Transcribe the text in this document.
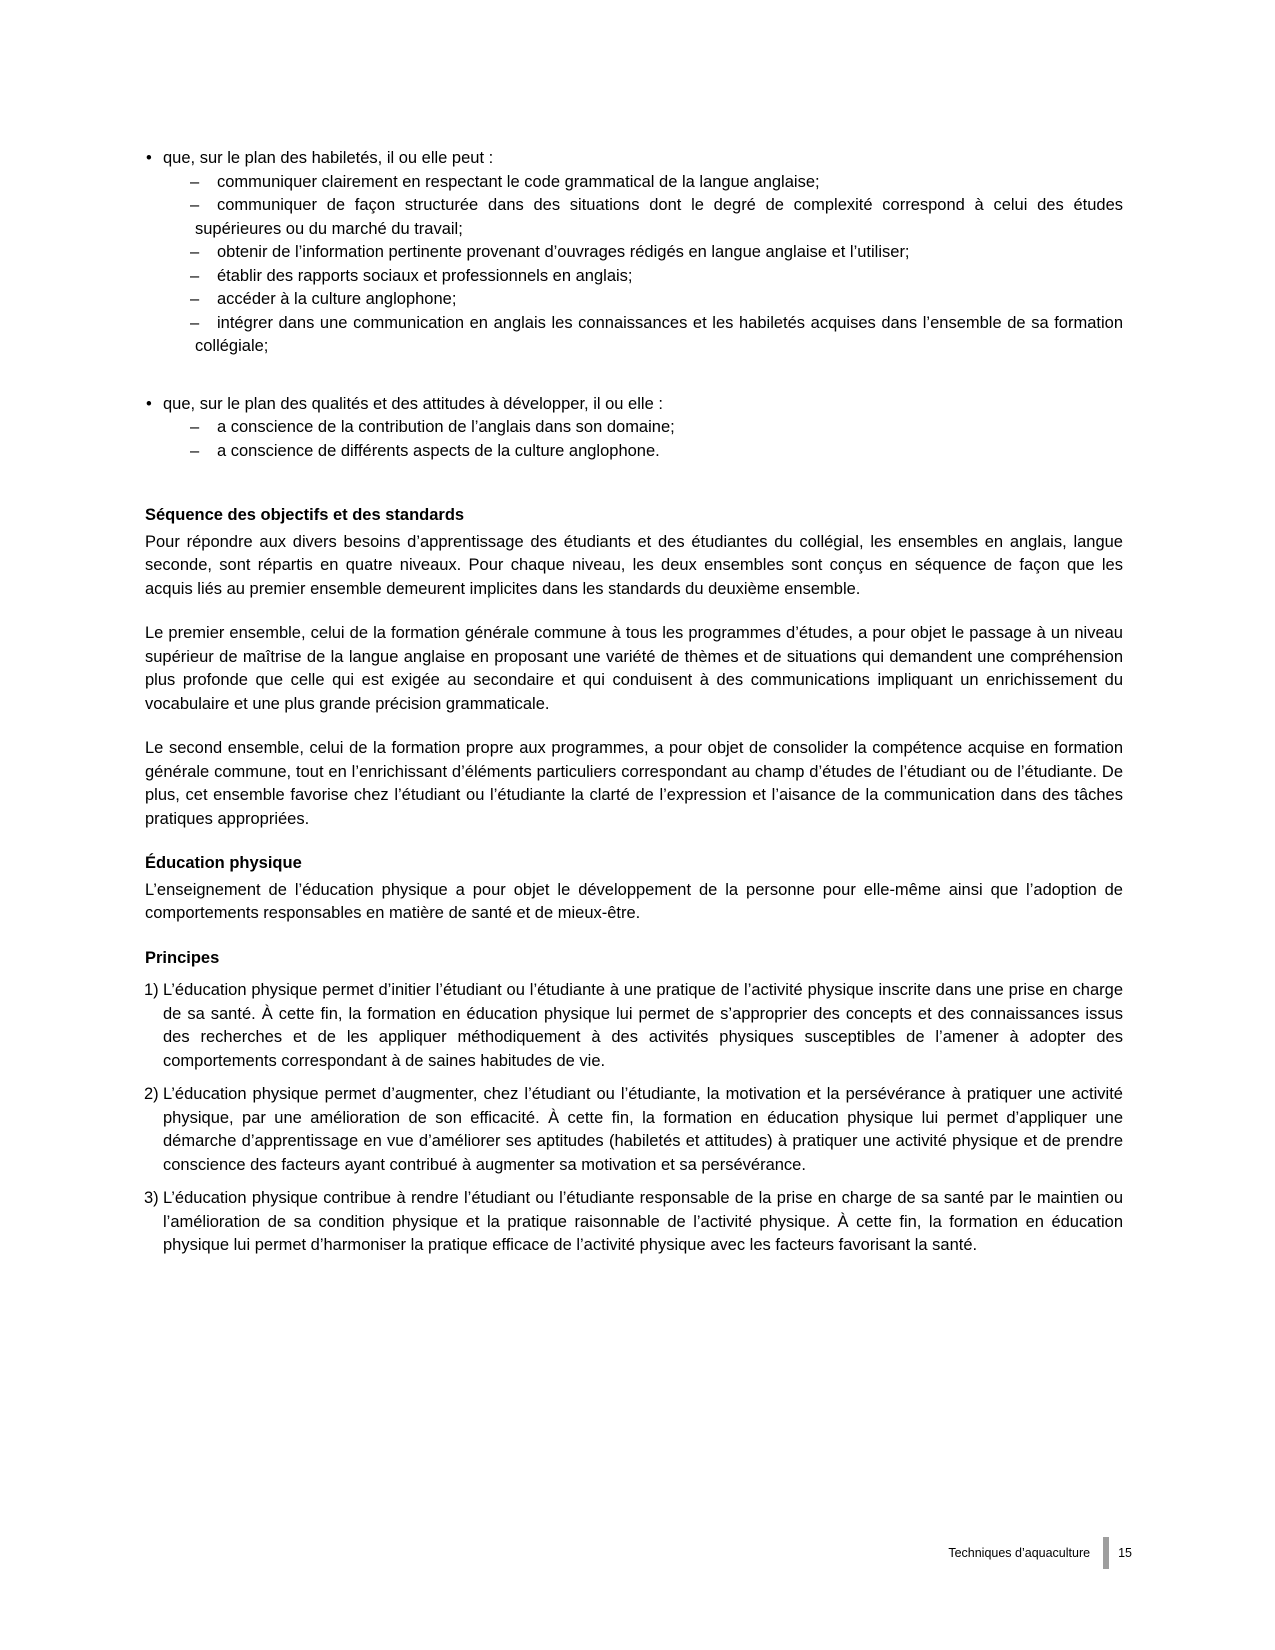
• que, sur le plan des habiletés, il ou elle peut :
– communiquer clairement en respectant le code grammatical de la langue anglaise;
– communiquer de façon structurée dans des situations dont le degré de complexité correspond à celui des études supérieures ou du marché du travail;
– obtenir de l’information pertinente provenant d’ouvrages rédigés en langue anglaise et l’utiliser;
– établir des rapports sociaux et professionnels en anglais;
– accéder à la culture anglophone;
– intégrer dans une communication en anglais les connaissances et les habiletés acquises dans l’ensemble de sa formation collégiale;
• que, sur le plan des qualités et des attitudes à développer, il ou elle :
– a conscience de la contribution de l’anglais dans son domaine;
– a conscience de différents aspects de la culture anglophone.
Séquence des objectifs et des standards

Pour répondre aux divers besoins d’apprentissage des étudiants et des étudiantes du collégial, les ensembles en anglais, langue seconde, sont répartis en quatre niveaux. Pour chaque niveau, les deux ensembles sont conçus en séquence de façon que les acquis liés au premier ensemble demeurent implicites dans les standards du deuxième ensemble.

Le premier ensemble, celui de la formation générale commune à tous les programmes d’études, a pour objet le passage à un niveau supérieur de maîtrise de la langue anglaise en proposant une variété de thèmes et de situations qui demandent une compréhension plus profonde que celle qui est exigée au secondaire et qui conduisent à des communications impliquant un enrichissement du vocabulaire et une plus grande précision grammaticale.

Le second ensemble, celui de la formation propre aux programmes, a pour objet de consolider la compétence acquise en formation générale commune, tout en l’enrichissant d’éléments particuliers correspondant au champ d’études de l’étudiant ou de l’étudiante. De plus, cet ensemble favorise chez l’étudiant ou l’étudiante la clarté de l’expression et l’aisance de la communication dans des tâches pratiques appropriées.

Éducation physique

L’enseignement de l’éducation physique a pour objet le développement de la personne pour elle-même ainsi que l’adoption de comportements responsables en matière de santé et de mieux-être.

Principes
1) L’éducation physique permet d’initier l’étudiant ou l’étudiante à une pratique de l’activité physique inscrite dans une prise en charge de sa santé. À cette fin, la formation en éducation physique lui permet de s’approprier des concepts et des connaissances issus des recherches et de les appliquer méthodiquement à des activités physiques susceptibles de l’amener à adopter des comportements correspondant à de saines habitudes de vie.
2) L’éducation physique permet d’augmenter, chez l’étudiant ou l’étudiante, la motivation et la persévérance à pratiquer une activité physique, par une amélioration de son efficacité. À cette fin, la formation en éducation physique lui permet d’appliquer une démarche d’apprentissage en vue d’améliorer ses aptitudes (habiletés et attitudes) à pratiquer une activité physique et de prendre conscience des facteurs ayant contribué à augmenter sa motivation et sa persévérance.
3) L’éducation physique contribue à rendre l’étudiant ou l’étudiante responsable de la prise en charge de sa santé par le maintien ou l’amélioration de sa condition physique et la pratique raisonnable de l’activité physique. À cette fin, la formation en éducation physique lui permet d’harmoniser la pratique efficace de l’activité physique avec les facteurs favorisant la santé.
Techniques d’aquaculture 15
